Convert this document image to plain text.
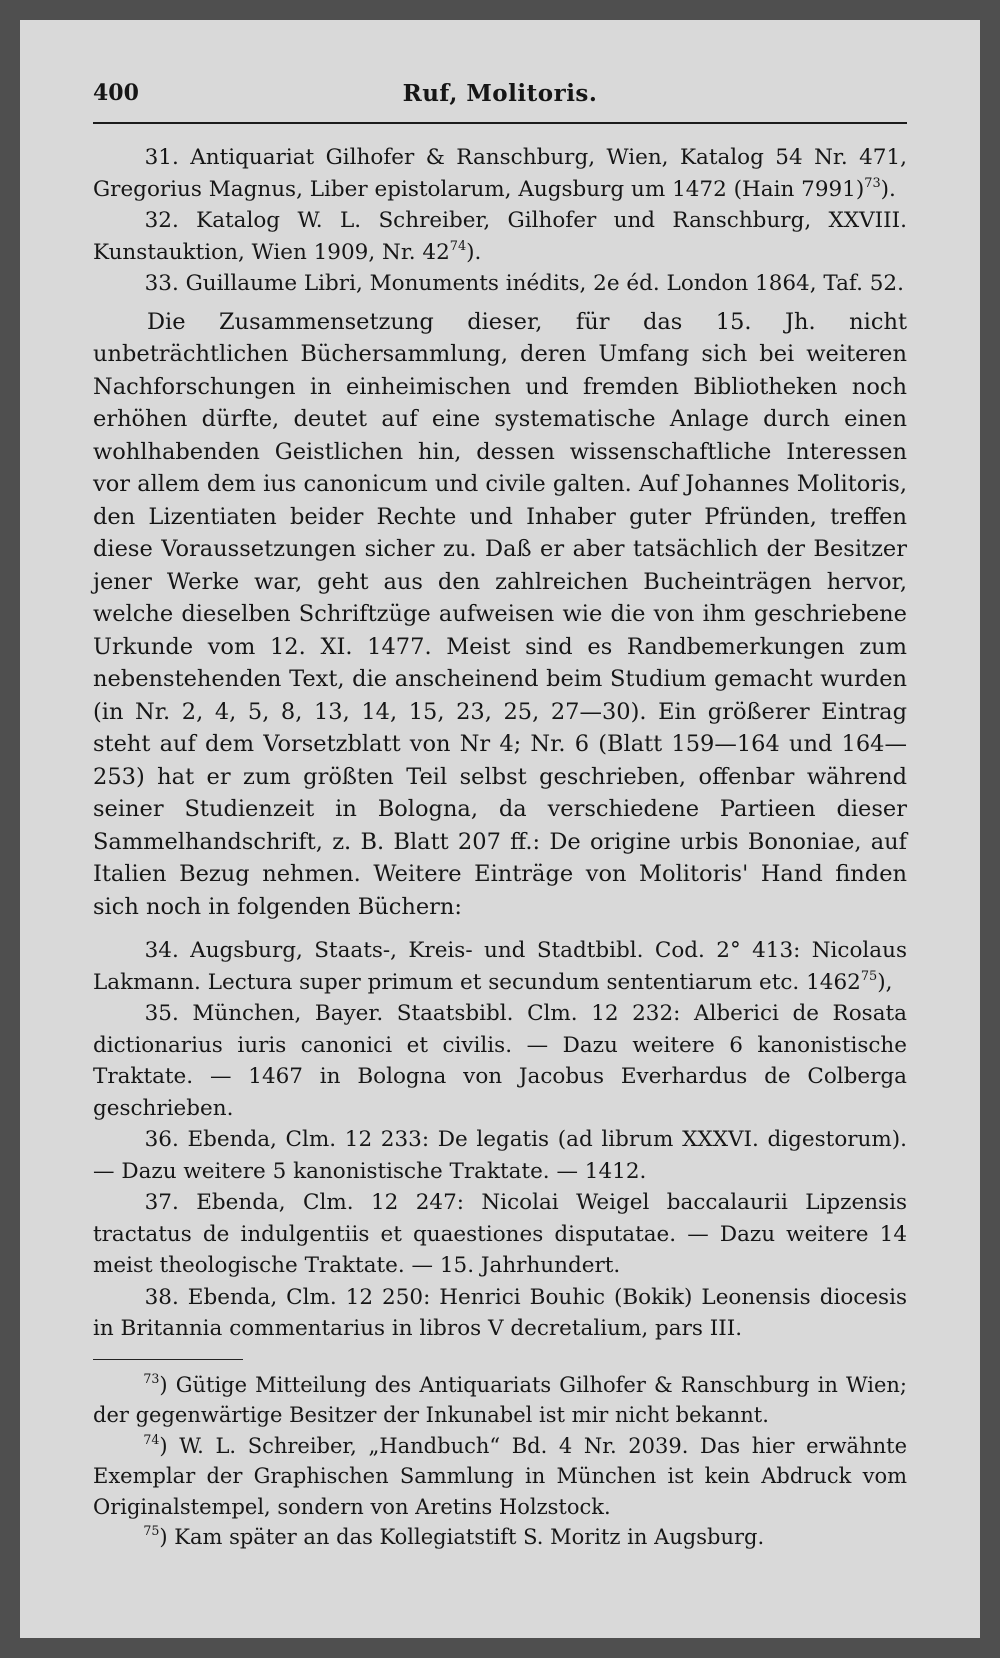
400	Ruf, Molitoris.

31. Antiquariat Gilhofer & Ranschburg, Wien, Katalog 54 Nr. 471, Gregorius Magnus, Liber epistolarum, Augsburg um 1472 (Hain 7991)$^{73}$).

32. Katalog W. L. Schreiber, Gilhofer und Ranschburg, XXVIII. Kunstauktion, Wien 1909, Nr. $42^{74}$).

33. Guillaume Libri, Monuments inédits, 2e éd. London 1864, Taf. 52.

Die Zusammensetzung dieser, für das 15. Jh. nicht unbeträchtlichen Büchersammlung, deren Umfang sich bei weiteren Nachforschungen in einheimischen und fremden Bibliotheken noch erhöhen dürfte, deutet auf eine systematische Anlage durch einen wohlhabenden Geistlichen hin, dessen wissenschaftliche Interessen vor allem dem ius canonicum und civile galten. Auf Johannes Molitoris, den Lizentiaten beider Rechte und Inhaber guter Pfründen, treffen diese Voraussetzungen sicher zu. Daß er aber tatsächlich der Besitzer jener Werke war, geht aus den zahlreichen Bucheinträgen hervor, welche dieselben Schriftzüge aufweisen wie die von ihm geschriebene Urkunde vom 12. XI. 1477. Meist sind es Randbemerkungen zum nebenstehenden Text, die anscheinend beim Studium gemacht wurden (in Nr. 2, 4, 5, 8, 13, 14, 15, 23, 25, 27—30). Ein größerer Eintrag steht auf dem Vorsetzblatt von Nr 4; Nr. 6 (Blatt 159—164 und 164—253) hat er zum größten Teil selbst geschrieben, offenbar während seiner Studienzeit in Bologna, da verschiedene Partieen dieser Sammelhandschrift, z. B. Blatt 207 ff.: De origine urbis Bononiae, auf Italien Bezug nehmen. Weitere Einträge von Molitoris' Hand finden sich noch in folgenden Büchern:

34. Augsburg, Staats-, Kreis- und Stadtbibl. Cod. 2° 413: Nicolaus Lakmann. Lectura super primum et secundum sententiarum etc. 1462$^{75}$),

35. München, Bayer. Staatsbibl. Clm. 12 232: Alberici de Rosata dictionarius iuris canonici et civilis. — Dazu weitere 6 kanonistische Traktate. — 1467 in Bologna von Jacobus Everhardus de Colberga geschrieben.

36. Ebenda, Clm. 12 233: De legatis (ad librum XXXVI. digestorum). — Dazu weitere 5 kanonistische Traktate. — 1412.

37. Ebenda, Clm. 12 247: Nicolai Weigel baccalaurii Lipzensis tractatus de indulgentiis et quaestiones disputatae. — Dazu weitere 14 meist theologische Traktate. — 15. Jahrhundert.

38. Ebenda, Clm. 12 250: Henrici Bouhic (Bokik) Leonensis diocesis in Britannia commentarius in libros V decretalium, pars III.

$^{73}$) Gütige Mitteilung des Antiquariats Gilhofer & Ranschburg in Wien; der gegenwärtige Besitzer der Inkunabel ist mir nicht bekannt.

$^{74}$) W. L. Schreiber, „Handbuch“ Bd. 4 Nr. 2039. Das hier erwähnte Exemplar der Graphischen Sammlung in München ist kein Abdruck vom Originalstempel, sondern von Aretins Holzstock.

$^{75}$) Kam später an das Kollegiatstift S. Moritz in Augsburg.
